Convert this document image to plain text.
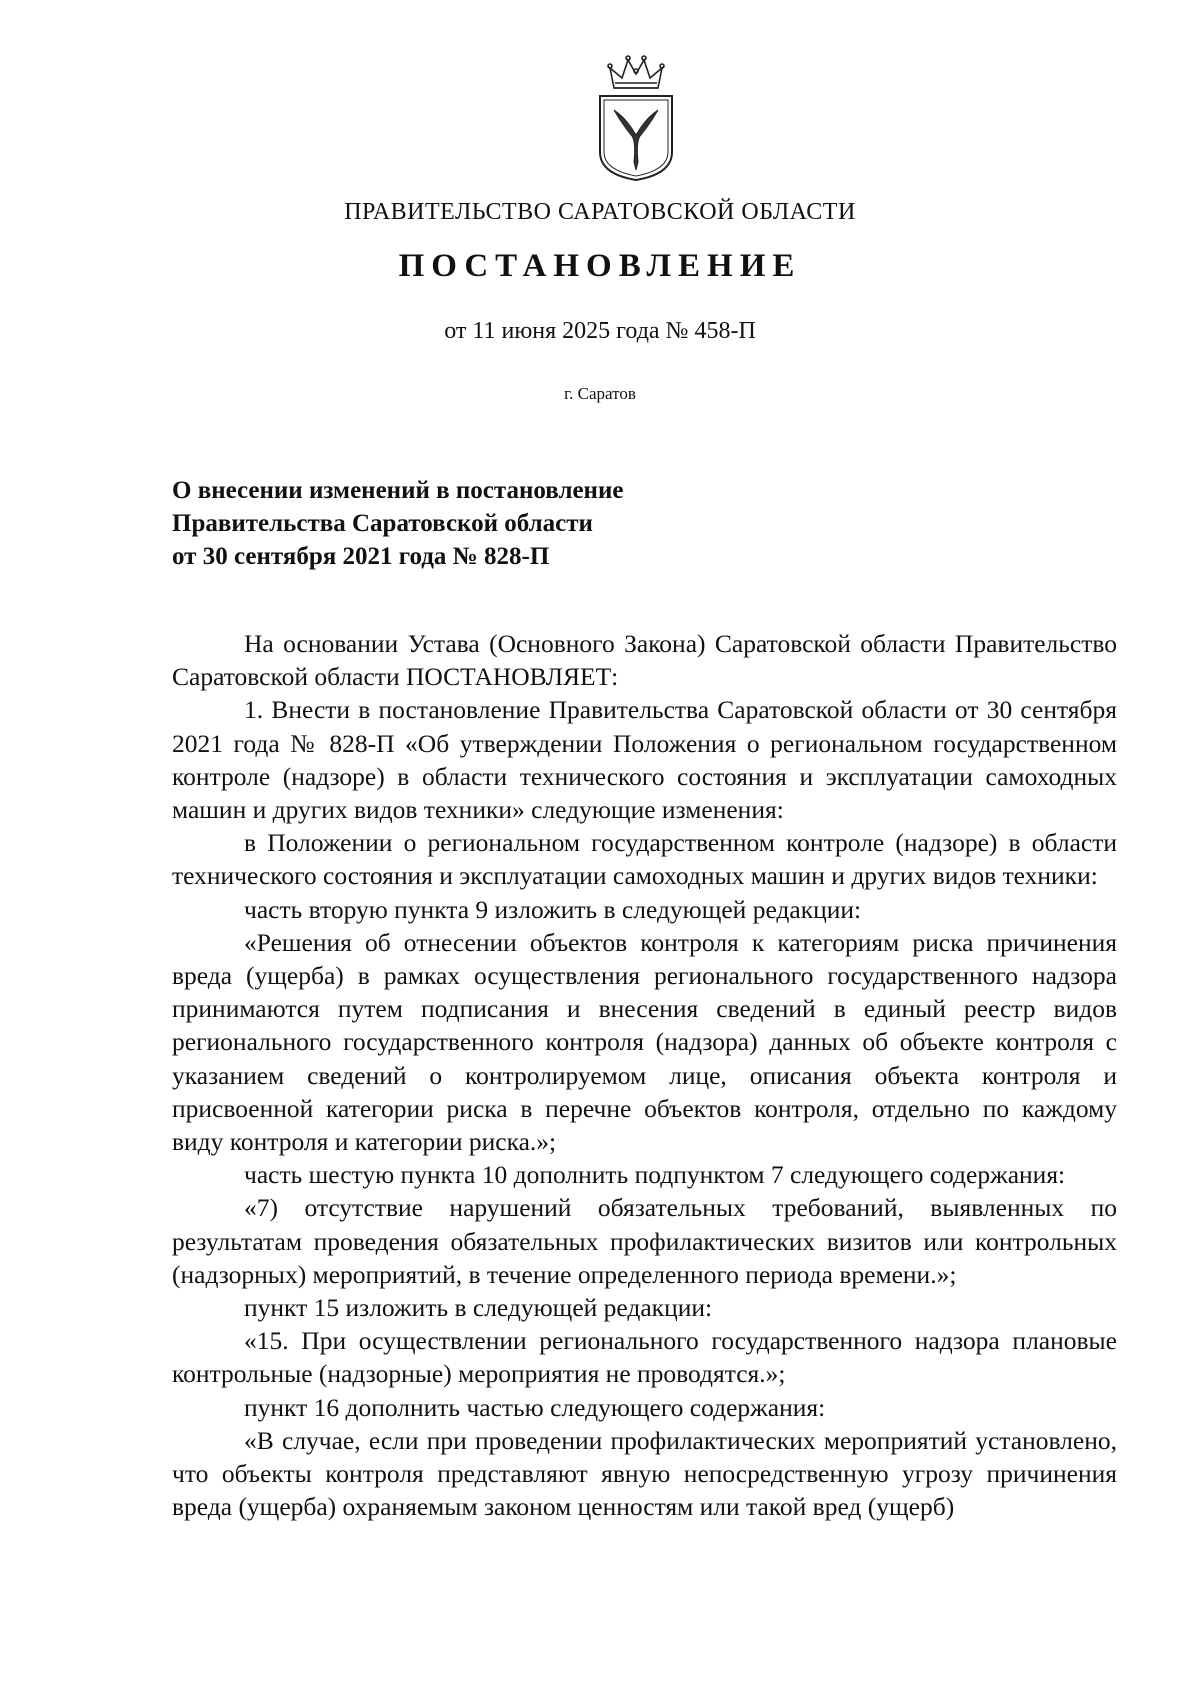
ПРАВИТЕЛЬСТВО САРАТОВСКОЙ ОБЛАСТИ
ПОСТАНОВЛЕНИЕ
от 11 июня 2025 года № 458-П
г. Саратов
О внесении изменений в постановление
Правительства Саратовской области
от 30 сентября 2021 года № 828-П

На основании Устава (Основного Закона) Саратовской области Правительство Саратовской области ПОСТАНОВЛЯЕТ:

1. Внести в постановление Правительства Саратовской области от 30 сентября 2021 года № 828-П «Об утверждении Положения о региональном государственном контроле (надзоре) в области технического состояния и эксплуатации самоходных машин и других видов техники» следующие изменения:

в Положении о региональном государственном контроле (надзоре) в области технического состояния и эксплуатации самоходных машин и других видов техники:

часть вторую пункта 9 изложить в следующей редакции:

«Решения об отнесении объектов контроля к категориям риска причинения вреда (ущерба) в рамках осуществления регионального государственного надзора принимаются путем подписания и внесения сведений в единый реестр видов регионального государственного контроля (надзора) данных об объекте контроля с указанием сведений о контролируемом лице, описания объекта контроля и присвоенной категории риска в перечне объектов контроля, отдельно по каждому виду контроля и категории риска.»;

часть шестую пункта 10 дополнить подпунктом 7 следующего содержания:

«7) отсутствие нарушений обязательных требований, выявленных по результатам проведения обязательных профилактических визитов или контрольных (надзорных) мероприятий, в течение определенного периода времени.»;

пункт 15 изложить в следующей редакции:

«15. При осуществлении регионального государственного надзора плановые контрольные (надзорные) мероприятия не проводятся.»;

пункт 16 дополнить частью следующего содержания:

«В случае, если при проведении профилактических мероприятий установлено, что объекты контроля представляют явную непосредственную угрозу причинения вреда (ущерба) охраняемым законом ценностям или такой вред (ущерб)
